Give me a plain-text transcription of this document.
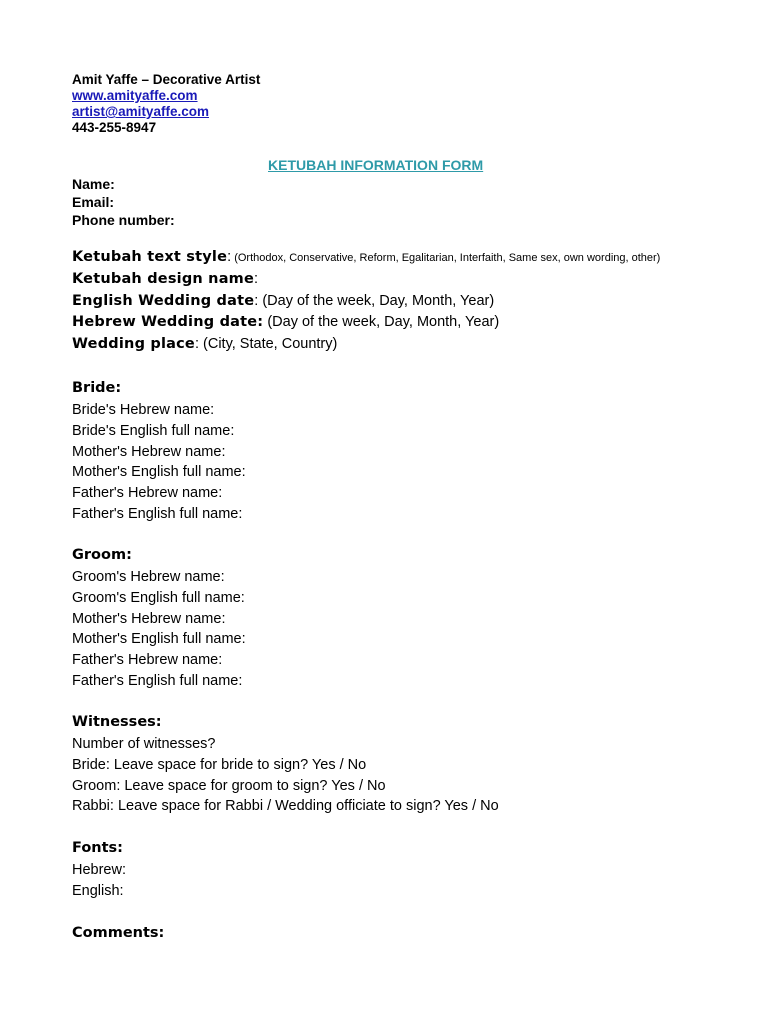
Amit Yaffe – Decorative Artist
www.amityaffe.com
artist@amityaffe.com
443-255-8947
KETUBAH INFORMATION FORM
Name:
Email:
Phone number:
Ketubah text style: (Orthodox, Conservative, Reform, Egalitarian, Interfaith, Same sex, own wording, other)
Ketubah design name:
English Wedding date: (Day of the week, Day, Month, Year)
Hebrew Wedding date: (Day of the week, Day, Month, Year)
Wedding place: (City, State, Country)
Bride:
Bride's Hebrew name:
Bride's English full name:
Mother's Hebrew name:
Mother's English full name:
Father's Hebrew name:
Father's English full name:
Groom:
Groom's Hebrew name:
Groom's English full name:
Mother's Hebrew name:
Mother's English full name:
Father's Hebrew name:
Father's English full name:
Witnesses:
Number of witnesses?
Bride: Leave space for bride to sign? Yes / No
Groom: Leave space for groom to sign? Yes / No
Rabbi: Leave space for Rabbi / Wedding officiate to sign? Yes / No
Fonts:
Hebrew:
English:
Comments:
